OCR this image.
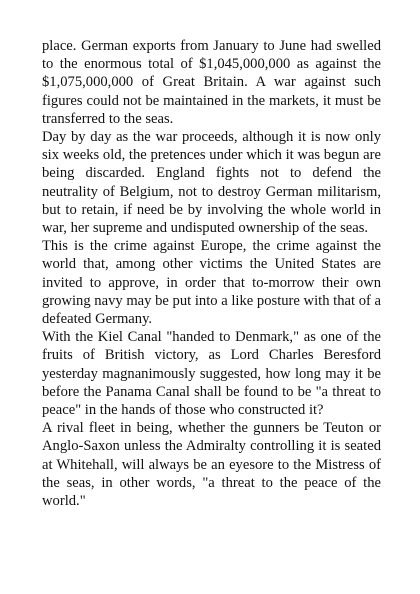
place. German exports from January to June had swelled to the enormous total of $1,045,000,000 as against the $1,075,000,000 of Great Britain. A war against such figures could not be maintained in the markets, it must be transferred to the seas.

Day by day as the war proceeds, although it is now only six weeks old, the pretences under which it was begun are being discarded. England fights not to defend the neutrality of Belgium, not to destroy German militarism, but to retain, if need be by involving the whole world in war, her supreme and undisputed ownership of the seas.

This is the crime against Europe, the crime against the world that, among other victims the United States are invited to approve, in order that to-morrow their own growing navy may be put into a like posture with that of a defeated Germany.

With the Kiel Canal "handed to Denmark," as one of the fruits of British victory, as Lord Charles Beresford yesterday magnanimously suggested, how long may it be before the Panama Canal shall be found to be "a threat to peace" in the hands of those who constructed it?

A rival fleet in being, whether the gunners be Teuton or Anglo-Saxon unless the Admiralty controlling it is seated at Whitehall, will always be an eyesore to the Mistress of the seas, in other words, "a threat to the peace of the world."
